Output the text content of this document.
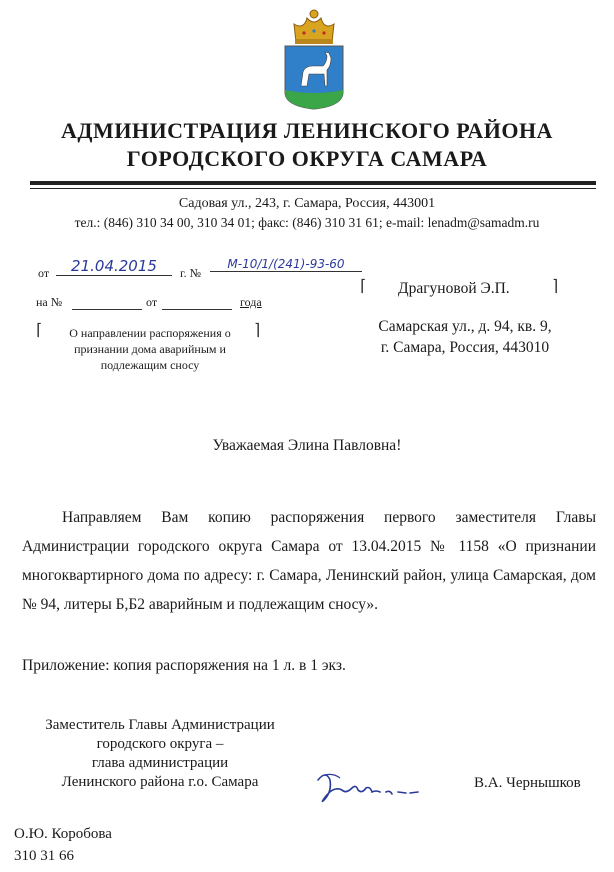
АДМИНИСТРАЦИЯ ЛЕНИНСКОГО РАЙОНА
ГОРОДСКОГО ОКРУГА САМАРА
Садовая ул., 243, г. Самара, Россия, 443001
тел.: (846) 310 34 00, 310 34 01; факс: (846) 310 31 61; e-mail: lenadm@samadm.ru
от	21.04.2015	г. №
М-10/1/(241)-93-60
на №	от	года
⌈	⌉
О направлении распоряжения о
признании дома аварийным и
подлежащим сносу
⌈	⌉
Драгуновой Э.П.
Самарская ул., д. 94, кв. 9,
г. Самара, Россия, 443010
Уважаемая Элина Павловна!
Направляем Вам копию распоряжения первого заместителя Главы Администрации городского округа Самара от 13.04.2015 № 1158 «О признании многоквартирного дома по адресу: г. Самара, Ленинский район, улица Самарская, дом № 94, литеры Б,Б2 аварийным и подлежащим сносу».
Приложение: копия распоряжения на 1 л. в 1 экз.
Заместитель Главы Администрации
городского округа –
глава администрации
Ленинского района г.о. Самара	В.А. Чернышков
О.Ю. Коробова
310 31 66
